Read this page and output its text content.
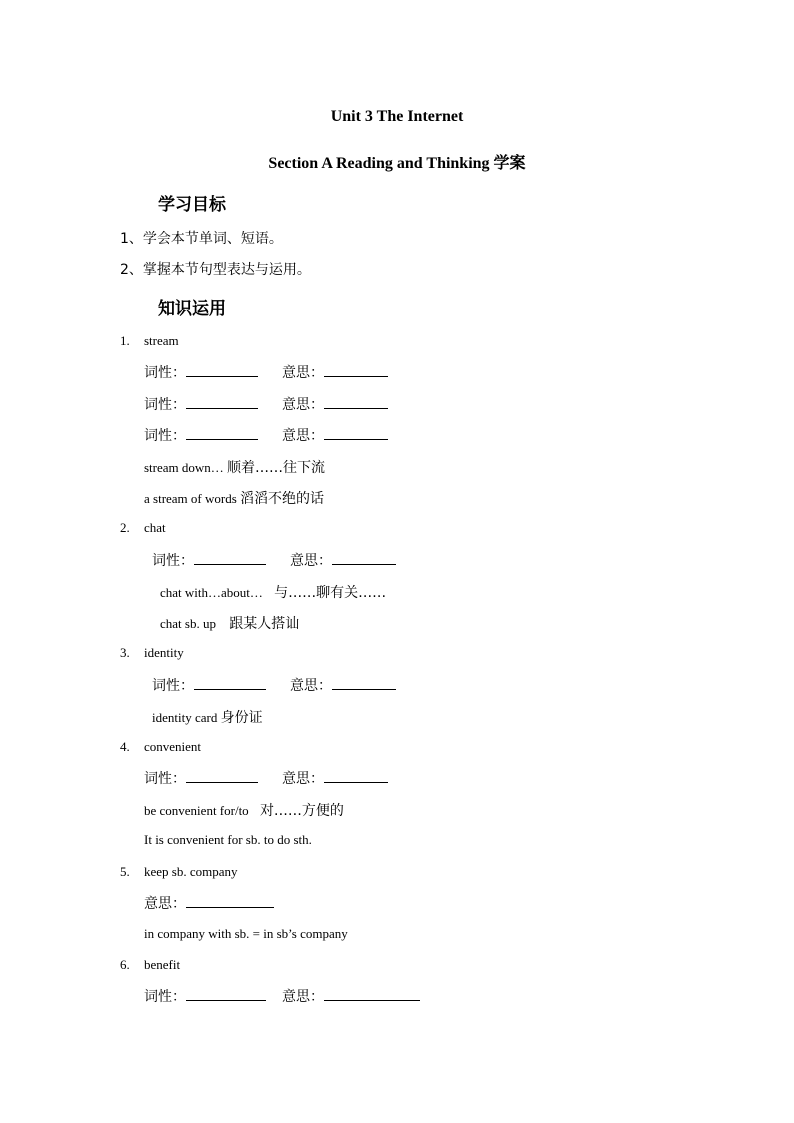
Unit 3 The Internet
Section A Reading and Thinking 学案
学习目标
1、学会本节单词、短语。
2、掌握本节句型表达与运用。
知识运用
1. stream
词性：	意思：
词性：	意思：
词性：	意思：
stream down… 顺着……往下流
a stream of words 滔滔不绝的话
2. chat
词性：	意思：
chat with…about… 与……聊有关……
chat sb. up 跟某人搭讪
3. identity
词性：	意思：
identity card 身份证
4. convenient
词性：	意思：
be convenient for/to 对……方便的
It is convenient for sb. to do sth.
5. keep sb. company
意思：
in company with sb. = in sb’s company
6. benefit
词性：	意思：
